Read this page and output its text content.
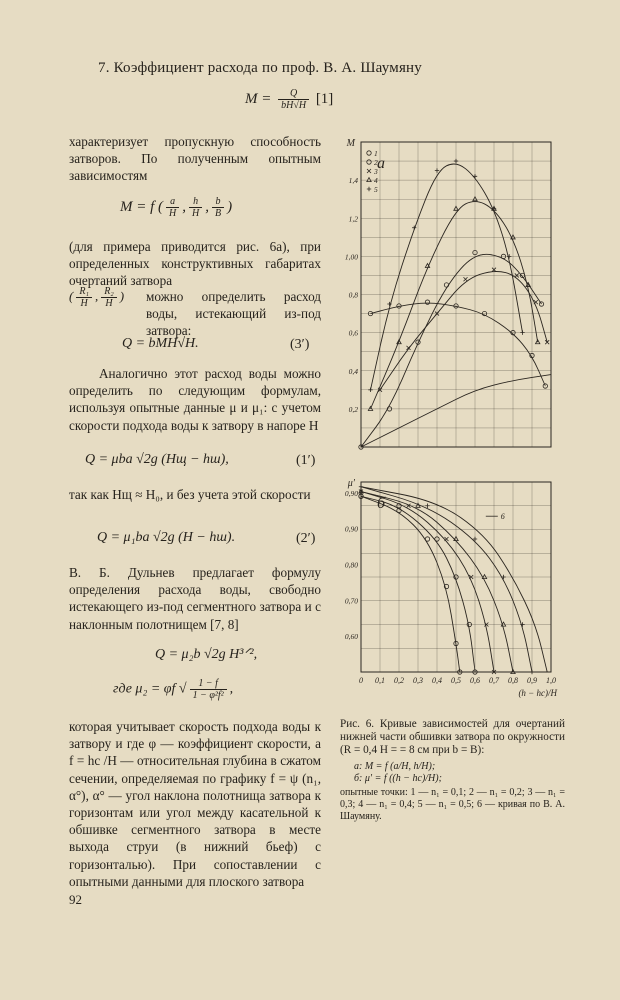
7. Коэффициент расхода по проф. В. А. Шаумяну
$M = \frac{Q}{bH√H} [1]$
характеризует пропускную способность затворов. По полученным опытным зависимостям
M = f ( $\frac{a}{H}$ , $\frac{h}{H}$ , $\frac{b}{B}$ )
(для примера приводится рис. 6а), при определенных конструктивных габаритах очертаний затвора
( $\frac{\text{R₁}}{H}$ , $\frac{\text{R₂}}{H}$ ) можно определить расход воды, истекающий из-под затвора:
Q = bMH√H.	(3′)
Аналогично этот расход воды можно определить по следующим формулам, используя опытные данные μ и μ₁: с учетом скорости подхода воды к затвору в напоре H
Q = μba √2g (Hщ − hш),	(1′)
так как Hщ ≈ H₀, и без учета этой скорости
Q = μ₁ba √2g (H − hш).	(2′)
В. Б. Дульнев предлагает формулу определения расхода воды, свободно истекающего из-под сегментного затвора и с наклонным полотнищем [7, 8]
Q = μ₂b √2g H³ᐟ²,
где μ₂ = φf √ $\frac{1 - f}{\text{1 − φ²f²}}$ ,
которая учитывает скорость подхода воды к затвору и где φ — коэффициент скорости, а f = hс /H — относительная глубина в сжатом сечении, определяемая по графику f = ψ (n₁, α°), α° — угол наклона полотнища затвора к горизонтам или угол между касательной к обшивке сегментного затвора в месте выхода струи (в нижний бьеф) с горизонталью). При сопоставлении с опытными данными для плоского затвора
0,2
0,4
0,6
0,8
1,00
1,2
1,4
M
а
1
2
3
4
5
0,60
0,70
0,80
0,90
0,90
0 0,1 0,2 0,3 0,4 0,5 0,6 0,7 0,8 0,9 1,0
μ′
(h − hс)/H
б
6
Рис. 6. Кривые зависимостей для очертаний нижней части обшивки затвора по окружности (R = 0,4 H = = 8 см при b = B):
а: M = f (a/H, h/H);
б: μ′ = f ((h − hс)/H);
опытные точки: 1 — n₁ = 0,1; 2 — n₁ = 0,2; 3 — n₁ = 0,3; 4 — n₁ = 0,4; 5 — n₁ = 0,5; 6 — кривая по В. А. Шаумяну.
92
